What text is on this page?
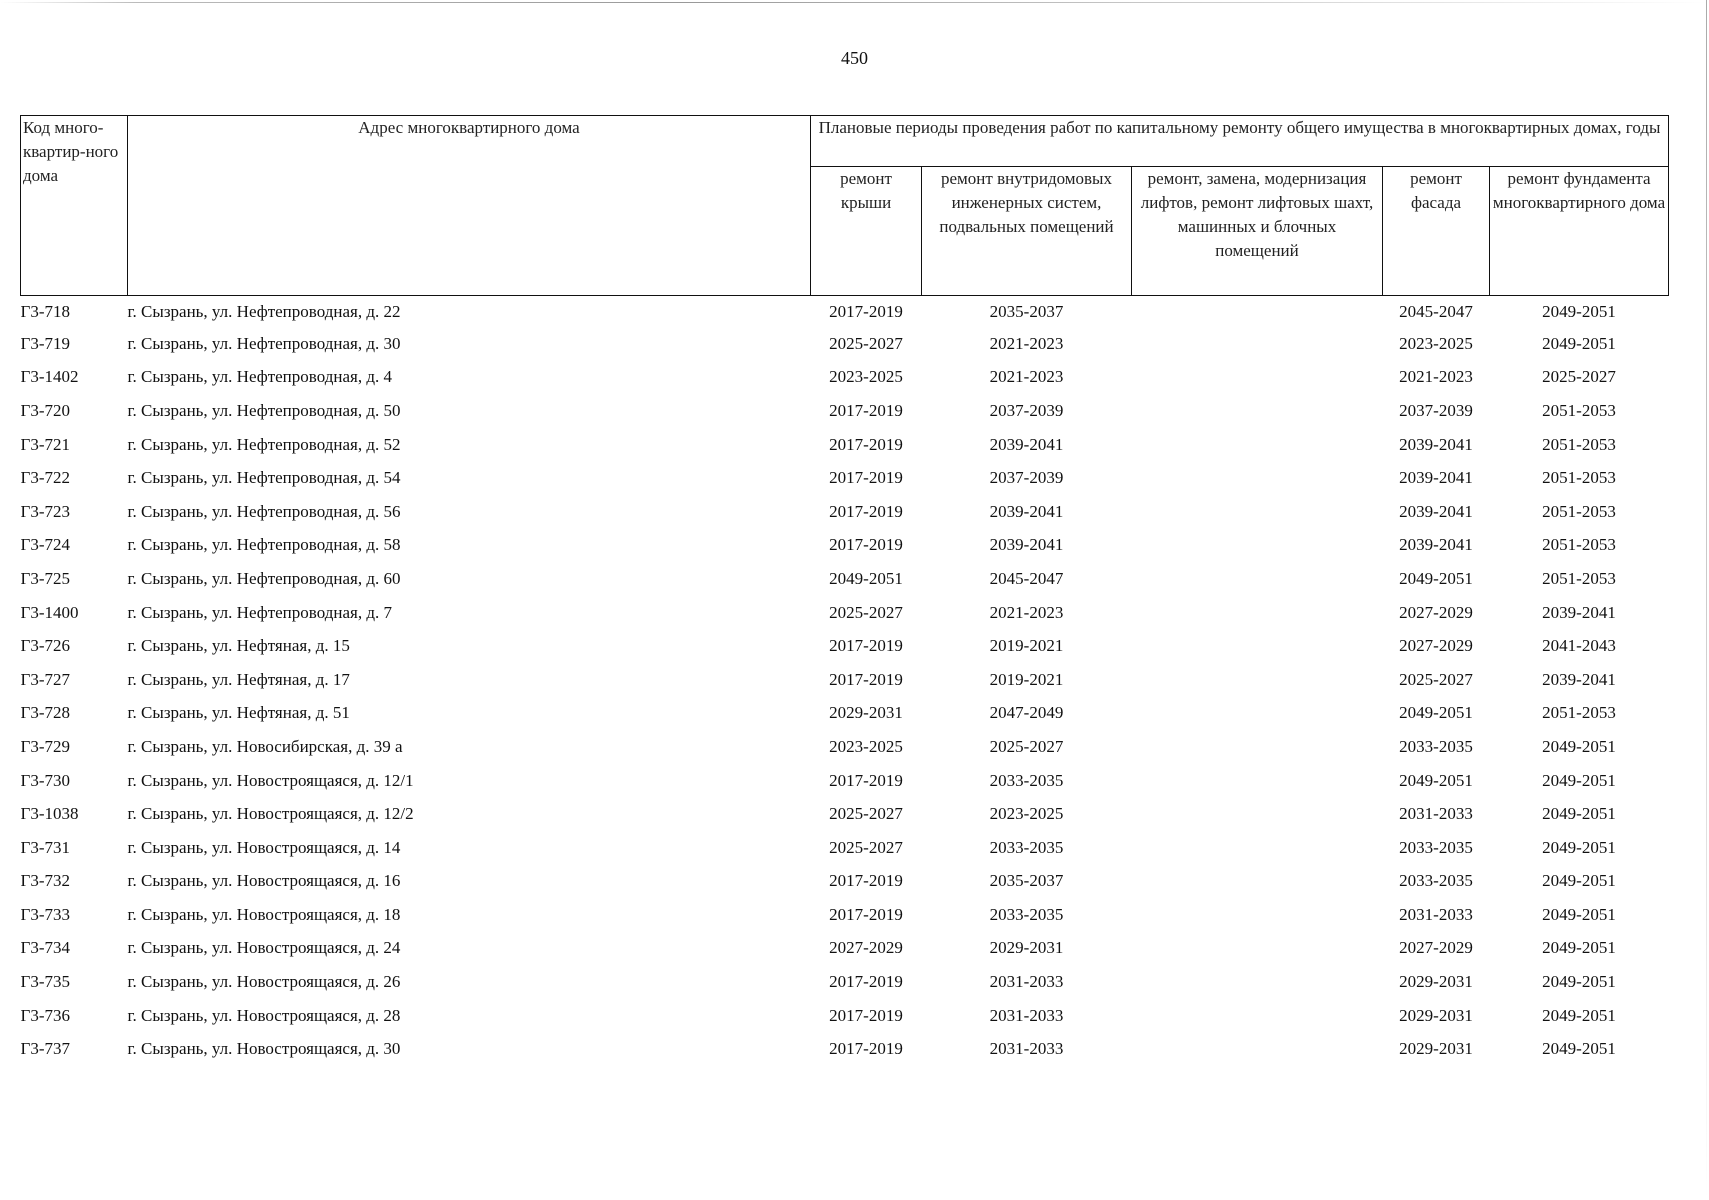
450
Код много-квартир-ного дома	Адрес многоквартирного дома	Плановые периоды проведения работ по капитальному ремонту общего имущества в многоквартирных домах, годы				
		ремонт крыши	ремонт внутридомовых инженерных систем, подвальных помещений	ремонт, замена, модернизация лифтов, ремонт лифтовых шахт, машинных и блочных помещений	ремонт фасада	ремонт фундамента многоквартирного дома
Г3-718	г. Сызрань, ул. Нефтепроводная, д. 22	2017-2019	2035-2037		2045-2047	2049-2051
Г3-719	г. Сызрань, ул. Нефтепроводная, д. 30	2025-2027	2021-2023		2023-2025	2049-2051
Г3-1402	г. Сызрань, ул. Нефтепроводная, д. 4	2023-2025	2021-2023		2021-2023	2025-2027
Г3-720	г. Сызрань, ул. Нефтепроводная, д. 50	2017-2019	2037-2039		2037-2039	2051-2053
Г3-721	г. Сызрань, ул. Нефтепроводная, д. 52	2017-2019	2039-2041		2039-2041	2051-2053
Г3-722	г. Сызрань, ул. Нефтепроводная, д. 54	2017-2019	2037-2039		2039-2041	2051-2053
Г3-723	г. Сызрань, ул. Нефтепроводная, д. 56	2017-2019	2039-2041		2039-2041	2051-2053
Г3-724	г. Сызрань, ул. Нефтепроводная, д. 58	2017-2019	2039-2041		2039-2041	2051-2053
Г3-725	г. Сызрань, ул. Нефтепроводная, д. 60	2049-2051	2045-2047		2049-2051	2051-2053
Г3-1400	г. Сызрань, ул. Нефтепроводная, д. 7	2025-2027	2021-2023		2027-2029	2039-2041
Г3-726	г. Сызрань, ул. Нефтяная, д. 15	2017-2019	2019-2021		2027-2029	2041-2043
Г3-727	г. Сызрань, ул. Нефтяная, д. 17	2017-2019	2019-2021		2025-2027	2039-2041
Г3-728	г. Сызрань, ул. Нефтяная, д. 51	2029-2031	2047-2049		2049-2051	2051-2053
Г3-729	г. Сызрань, ул. Новосибирская, д. 39 а	2023-2025	2025-2027		2033-2035	2049-2051
Г3-730	г. Сызрань, ул. Новостроящаяся, д. 12/1	2017-2019	2033-2035		2049-2051	2049-2051
Г3-1038	г. Сызрань, ул. Новостроящаяся, д. 12/2	2025-2027	2023-2025		2031-2033	2049-2051
Г3-731	г. Сызрань, ул. Новостроящаяся, д. 14	2025-2027	2033-2035		2033-2035	2049-2051
Г3-732	г. Сызрань, ул. Новостроящаяся, д. 16	2017-2019	2035-2037		2033-2035	2049-2051
Г3-733	г. Сызрань, ул. Новостроящаяся, д. 18	2017-2019	2033-2035		2031-2033	2049-2051
Г3-734	г. Сызрань, ул. Новостроящаяся, д. 24	2027-2029	2029-2031		2027-2029	2049-2051
Г3-735	г. Сызрань, ул. Новостроящаяся, д. 26	2017-2019	2031-2033		2029-2031	2049-2051
Г3-736	г. Сызрань, ул. Новостроящаяся, д. 28	2017-2019	2031-2033		2029-2031	2049-2051
Г3-737	г. Сызрань, ул. Новостроящаяся, д. 30	2017-2019	2031-2033		2029-2031	2049-2051
